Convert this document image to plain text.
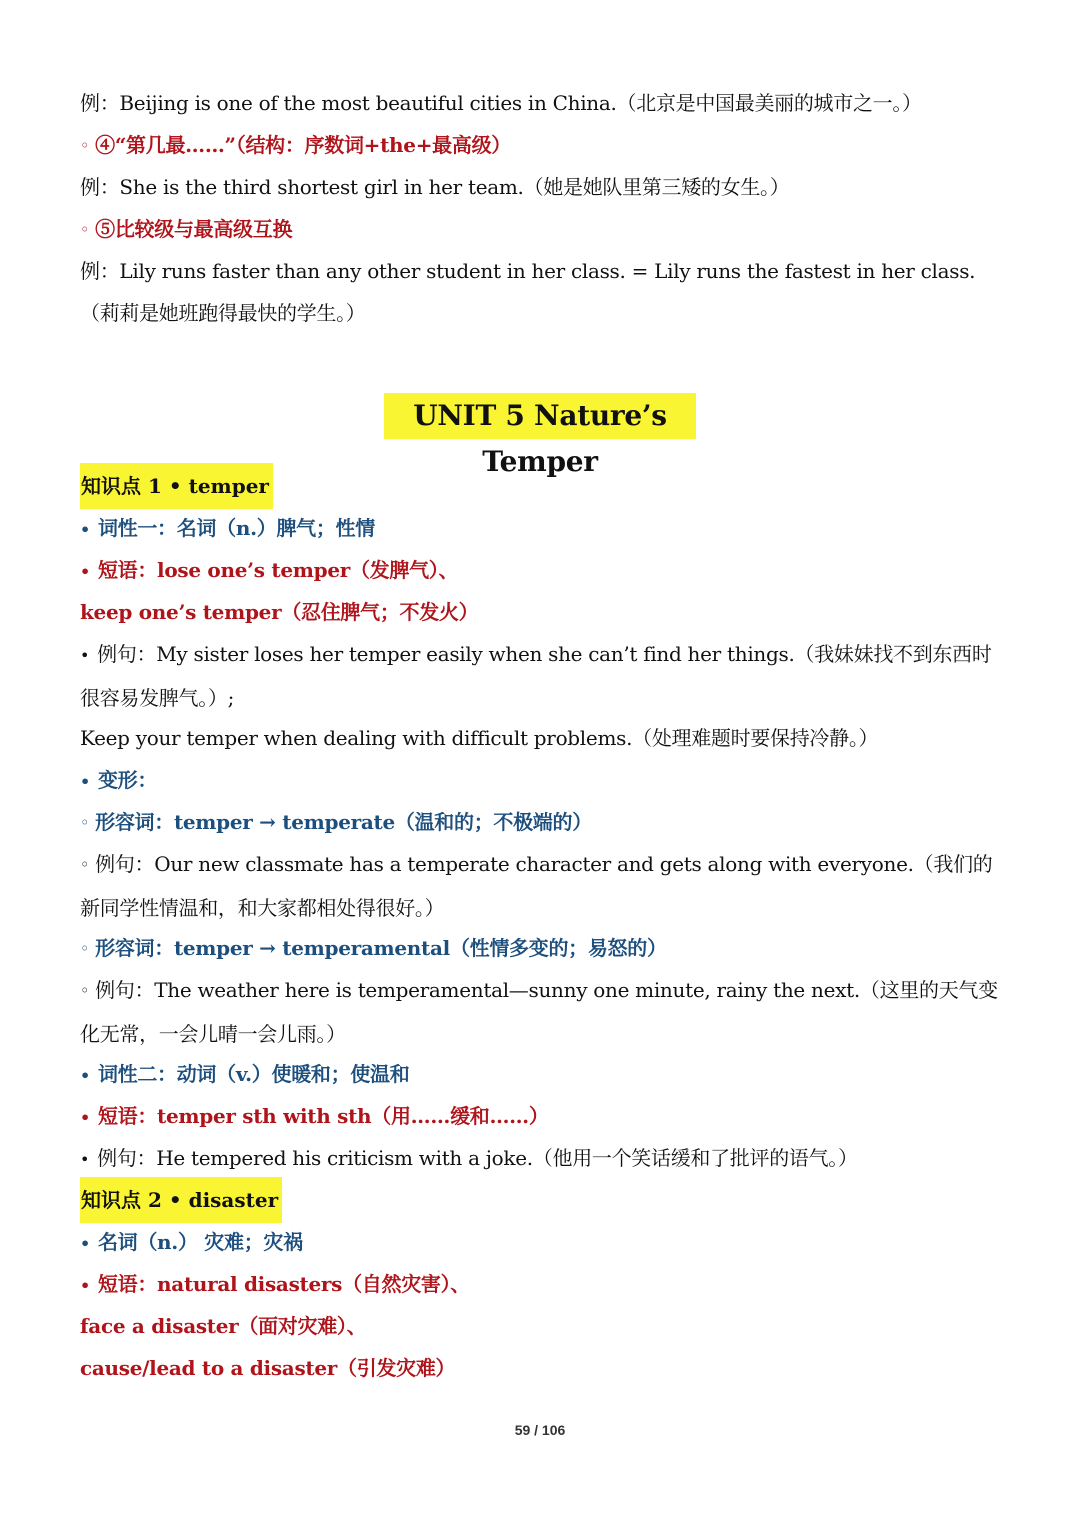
例：Beijing is one of the most beautiful cities in China.（北京是中国最美丽的城市之一。）
◦ ④“第几最……”（结构：序数词+the+最高级）
例：She is the third shortest girl in her team.（她是她队里第三矮的女生。）
◦ ⑤比较级与最高级互换
例：Lily runs faster than any other student in her class. = Lily runs the fastest in her class.（莉莉是她班跑得最快的学生。）
UNIT 5 Nature’s Temper
知识点 1 • temper
• 词性一：名词（n.）脾气；性情
• 短语：lose one’s temper（发脾气）、
keep one’s temper（忍住脾气；不发火）
• 例句：My sister loses her temper easily when she can’t find her things.（我妹妹找不到东西时很容易发脾气。）;
Keep your temper when dealing with difficult problems.（处理难题时要保持冷静。）
• 变形：
◦ 形容词：temper → temperate（温和的；不极端的）
◦ 例句：Our new classmate has a temperate character and gets along with everyone.（我们的新同学性情温和，和大家都相处得很好。）
◦ 形容词：temper → temperamental（性情多变的；易怒的）
◦ 例句：The weather here is temperamental—sunny one minute, rainy the next.（这里的天气变化无常，一会儿晴一会儿雨。）
• 词性二：动词（v.）使暖和；使温和
• 短语：temper sth with sth（用……缓和……）
• 例句：He tempered his criticism with a joke.（他用一个笑话缓和了批评的语气。）
知识点 2 • disaster
• 名词（n.） 灾难；灾祸
• 短语：natural disasters（自然灾害）、
face a disaster（面对灾难）、
cause/lead to a disaster（引发灾难）
59 / 106
